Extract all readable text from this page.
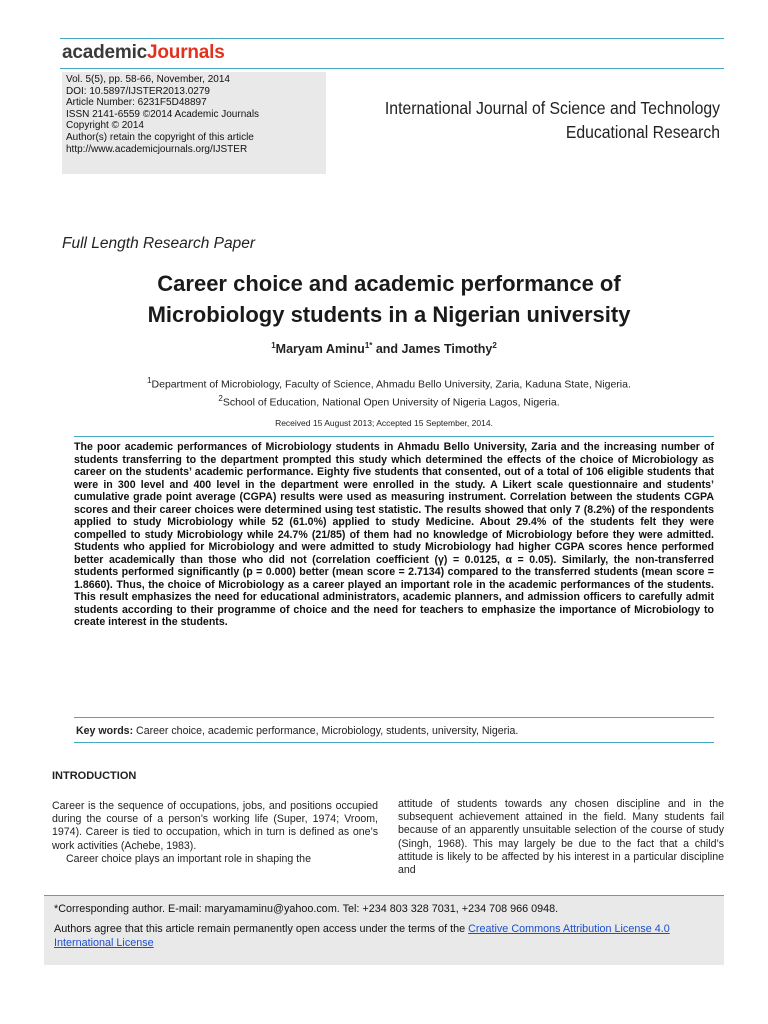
academicJournals

Vol. 5(5), pp. 58-66, November, 2014

DOI: 10.5897/IJSTER2013.0279

Article Number: 6231F5D48897

ISSN 2141-6559 ©2014 Academic Journals

Copyright © 2014

Author(s) retain the copyright of this article

http://www.academicjournals.org/IJSTER

International Journal of Science and Technology
Educational Research
Full Length Research Paper
Career choice and academic performance of
Microbiology students in a Nigerian university
$^1$Maryam Aminu$^{1*}$ and James Timothy$^2$
$^1$Department of Microbiology, Faculty of Science, Ahmadu Bello University, Zaria, Kaduna State, Nigeria.
$^2$School of Education, National Open University of Nigeria Lagos, Nigeria.
Received 15 August 2013; Accepted 15 September, 2014.

The poor academic performances of Microbiology students in Ahmadu Bello University, Zaria and the increasing number of students transferring to the department prompted this study which determined the effects of the choice of Microbiology as career on the students’ academic performance. Eighty five students that consented, out of a total of 106 eligible students that were in 300 level and 400 level in the department were enrolled in the study. A Likert scale questionnaire and students’ cumulative grade point average (CGPA) results were used as measuring instrument. Correlation between the students CGPA scores and their career choices were determined using test statistic. The results showed that only 7 (8.2%) of the respondents applied to study Microbiology while 52 (61.0%) applied to study Medicine. About 29.4% of the students felt they were compelled to study Microbiology while 24.7% (21/85) of them had no knowledge of Microbiology before they were admitted. Students who applied for Microbiology and were admitted to study Microbiology had higher CGPA scores hence performed better academically than those who did not (correlation coefficient (γ) = 0.0125, α = 0.05). Similarly, the non-transferred students performed significantly (p = 0.000) better (mean score = 2.7134) compared to the transferred students (mean score = 1.8660). Thus, the choice of Microbiology as a career played an important role in the academic performances of the students. This result emphasizes the need for educational administrators, academic planners, and admission officers to carefully admit students according to their programme of choice and the need for teachers to emphasize the importance of Microbiology to create interest in the students.

Key words: Career choice, academic performance, Microbiology, students, university, Nigeria.
INTRODUCTION

Career is the sequence of occupations, jobs, and positions occupied during the course of a person’s working life (Super, 1974; Vroom, 1974). Career is tied to occupation, which in turn is defined as one’s work activities (Achebe, 1983).

Career choice plays an important role in shaping the

attitude of students towards any chosen discipline and in the subsequent achievement attained in the field. Many students fail because of an apparently unsuitable selection of the course of study (Singh, 1968). This may largely be due to the fact that a child’s attitude is likely to be affected by his interest in a particular discipline and

*Corresponding author. E-mail: maryamaminu@yahoo.com. Tel: +234 803 328 7031, +234 708 966 0948.

Authors agree that this article remain permanently open access under the terms of the Creative Commons Attribution License 4.0 International License
